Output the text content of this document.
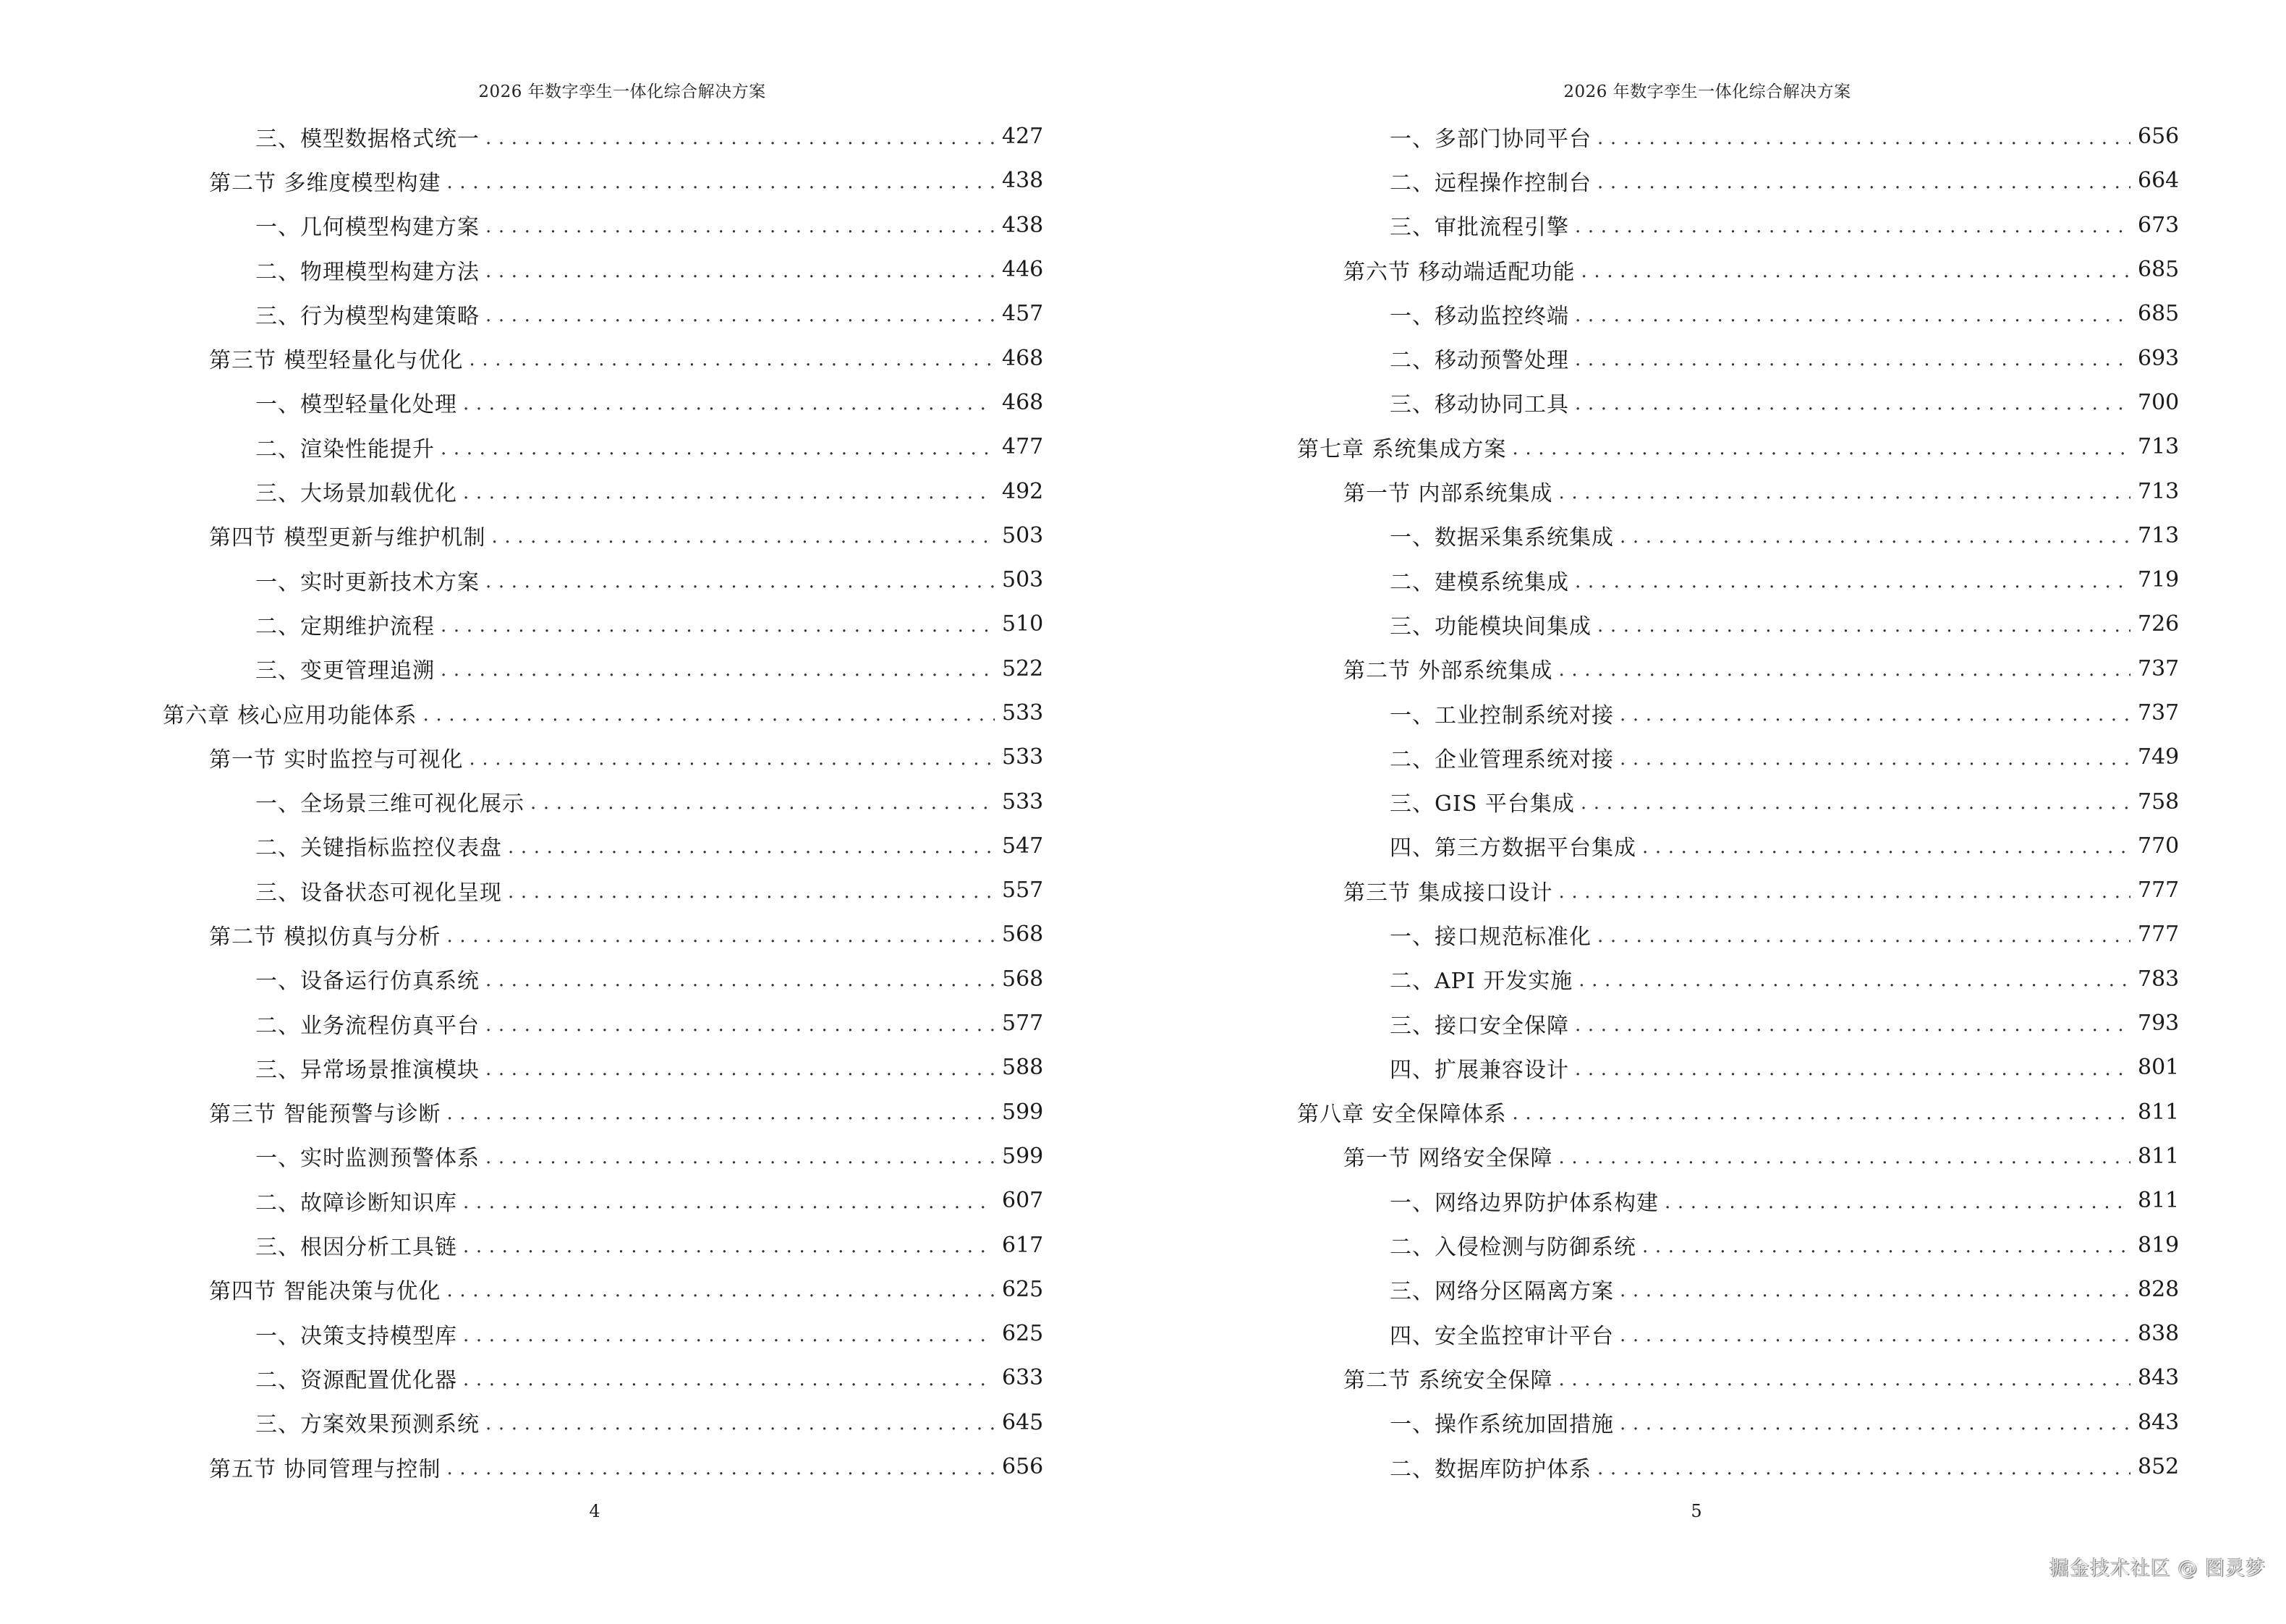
2026 年数字孪生一体化综合解决方案
三、模型数据格式统一 .....	427
第二节 多维度模型构建 .....	438
一、几何模型构建方案 .....	438
二、物理模型构建方法 .....	446
三、行为模型构建策略 .....	457
第三节 模型轻量化与优化 .....	468
一、模型轻量化处理 .....	468
二、渲染性能提升 .....	477
三、大场景加载优化 .....	492
第四节 模型更新与维护机制 .....	503
一、实时更新技术方案 .....	503
二、定期维护流程 .....	510
三、变更管理追溯 .....	522
第六章 核心应用功能体系 .....	533
第一节 实时监控与可视化 .....	533
一、全场景三维可视化展示 .....	533
二、关键指标监控仪表盘 .....	547
三、设备状态可视化呈现 .....	557
第二节 模拟仿真与分析 .....	568
一、设备运行仿真系统 .....	568
二、业务流程仿真平台 .....	577
三、异常场景推演模块 .....	588
第三节 智能预警与诊断 .....	599
一、实时监测预警体系 .....	599
二、故障诊断知识库 .....	607
三、根因分析工具链 .....	617
第四节 智能决策与优化 .....	625
一、决策支持模型库 .....	625
二、资源配置优化器 .....	633
三、方案效果预测系统 .....	645
第五节 协同管理与控制 .....	656
4
2026 年数字孪生一体化综合解决方案
一、多部门协同平台 .....	656
二、远程操作控制台 .....	664
三、审批流程引擎 .....	673
第六节 移动端适配功能 .....	685
一、移动监控终端 .....	685
二、移动预警处理 .....	693
三、移动协同工具 .....	700
第七章 系统集成方案 .....	713
第一节 内部系统集成 .....	713
一、数据采集系统集成 .....	713
二、建模系统集成 .....	719
三、功能模块间集成 .....	726
第二节 外部系统集成 .....	737
一、工业控制系统对接 .....	737
二、企业管理系统对接 .....	749
三、GIS 平台集成 .....	758
四、第三方数据平台集成 .....	770
第三节 集成接口设计 .....	777
一、接口规范标准化 .....	777
二、API 开发实施 .....	783
三、接口安全保障 .....	793
四、扩展兼容设计 .....	801
第八章 安全保障体系 .....	811
第一节 网络安全保障 .....	811
一、网络边界防护体系构建 .....	811
二、入侵检测与防御系统 .....	819
三、网络分区隔离方案 .....	828
四、安全监控审计平台 .....	838
第二节 系统安全保障 .....	843
一、操作系统加固措施 .....	843
二、数据库防护体系 .....	852
5
掘金技术社区 @ 图灵梦
